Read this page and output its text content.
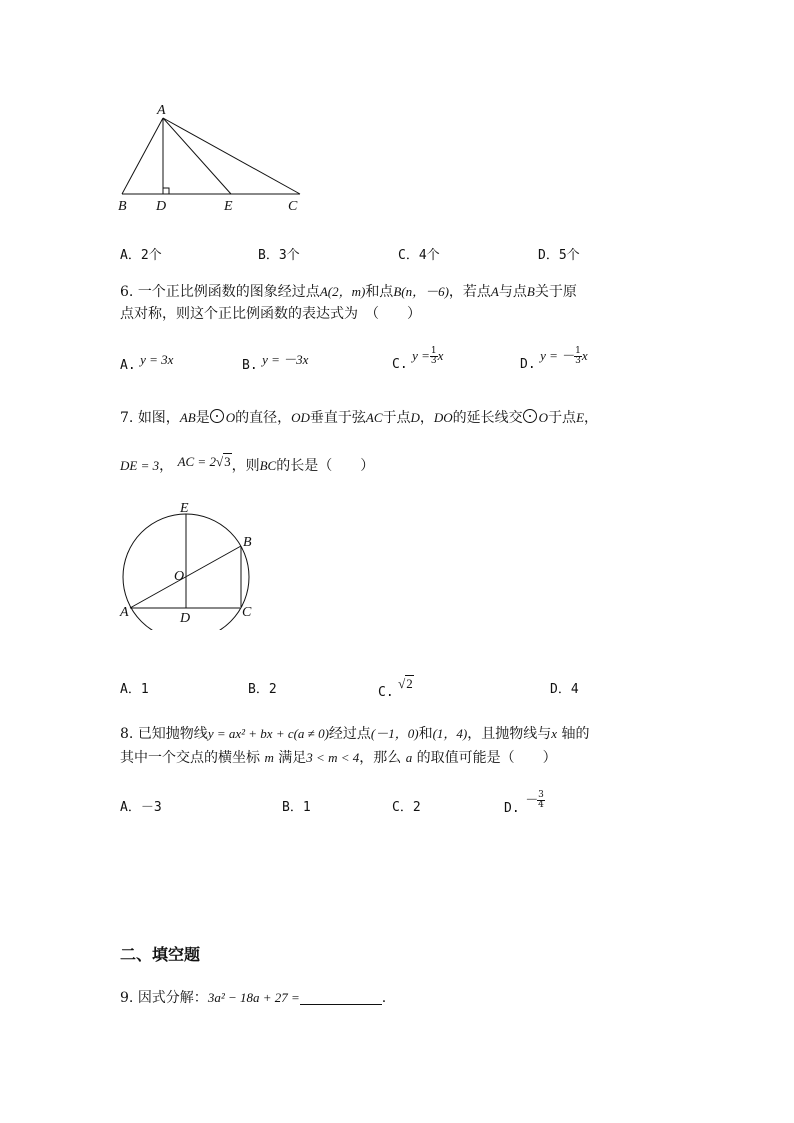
A
B D	E	C
A．2个	B．3个	C．4个	D．5个
6. 一个正比例函数的图象经过点A(2，m)和点B(n，－6)，若点A与点B关于原
点对称，则这个正比例函数的表达式为　（　　）
A. y = 3x	B. y = －3x	C. $y = \frac{1}{3}$ x
D. y = － $\frac{1}{3}$ x
7. 如图，AB是 O的直径，OD垂直于弦AC于点D，DO的延长线交 O于点E，
DE = 3， AC = 2√3，则BC的长是（　　）
E
B
O
A	D	C
A．1	B．2	C. √2	D．4
8. 已知抛物线y = ax² + bx + c(a ≠ 0)经过点(－1，0)和(1，4)，且抛物线与x 轴的
其中一个交点的横坐标 m 满足3 < m < 4，那么 a 的取值可能是（　　）
A．－3	B．1	C．2	D. － $\frac{3}{4}$
二、填空题
9. 因式分解：3a² − 18a + 27 =	.
